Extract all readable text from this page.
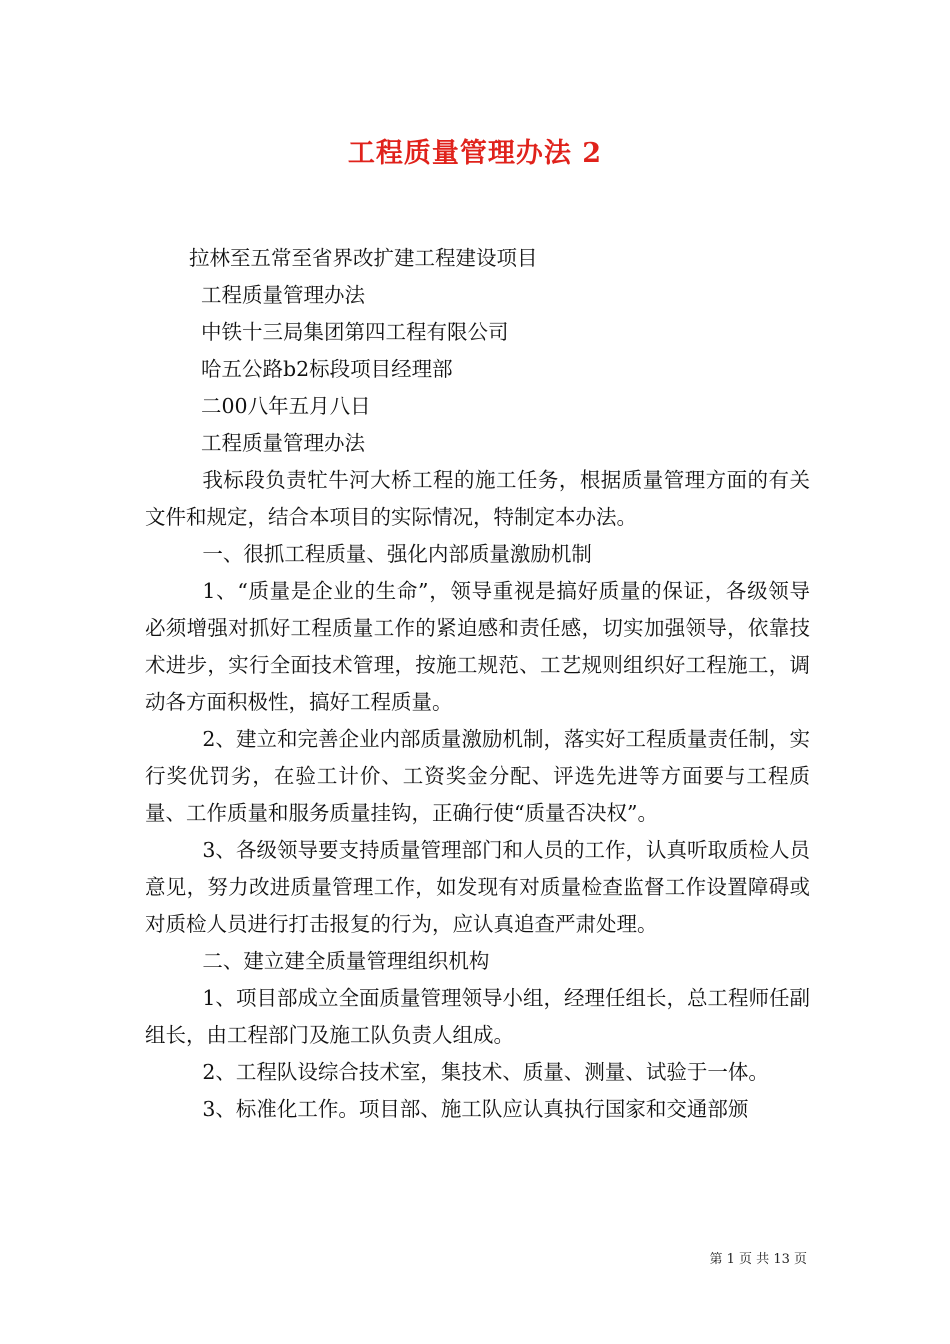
工程质量管理办法 2

拉林至五常至省界改扩建工程建设项目

工程质量管理办法

中铁十三局集团第四工程有限公司

哈五公路b2标段项目经理部

二00八年五月八日

工程质量管理办法

我标段负责牤牛河大桥工程的施工任务，根据质量管理方面的有关文件和规定，结合本项目的实际情况，特制定本办法。

一、很抓工程质量、强化内部质量激励机制

1、“质量是企业的生命”，领导重视是搞好质量的保证，各级领导必须增强对抓好工程质量工作的紧迫感和责任感，切实加强领导，依靠技术进步，实行全面技术管理，按施工规范、工艺规则组织好工程施工，调动各方面积极性，搞好工程质量。

2、建立和完善企业内部质量激励机制，落实好工程质量责任制，实行奖优罚劣，在验工计价、工资奖金分配、评选先进等方面要与工程质量、工作质量和服务质量挂钩，正确行使“质量否决权”。

3、各级领导要支持质量管理部门和人员的工作，认真听取质检人员意见，努力改进质量管理工作，如发现有对质量检查监督工作设置障碍或对质检人员进行打击报复的行为，应认真追查严肃处理。

二、建立建全质量管理组织机构

1、项目部成立全面质量管理领导小组，经理任组长，总工程师任副组长，由工程部门及施工队负责人组成。

2、工程队设综合技术室，集技术、质量、测量、试验于一体。

3、标准化工作。项目部、施工队应认真执行国家和交通部颁

第 1 页 共 13 页
